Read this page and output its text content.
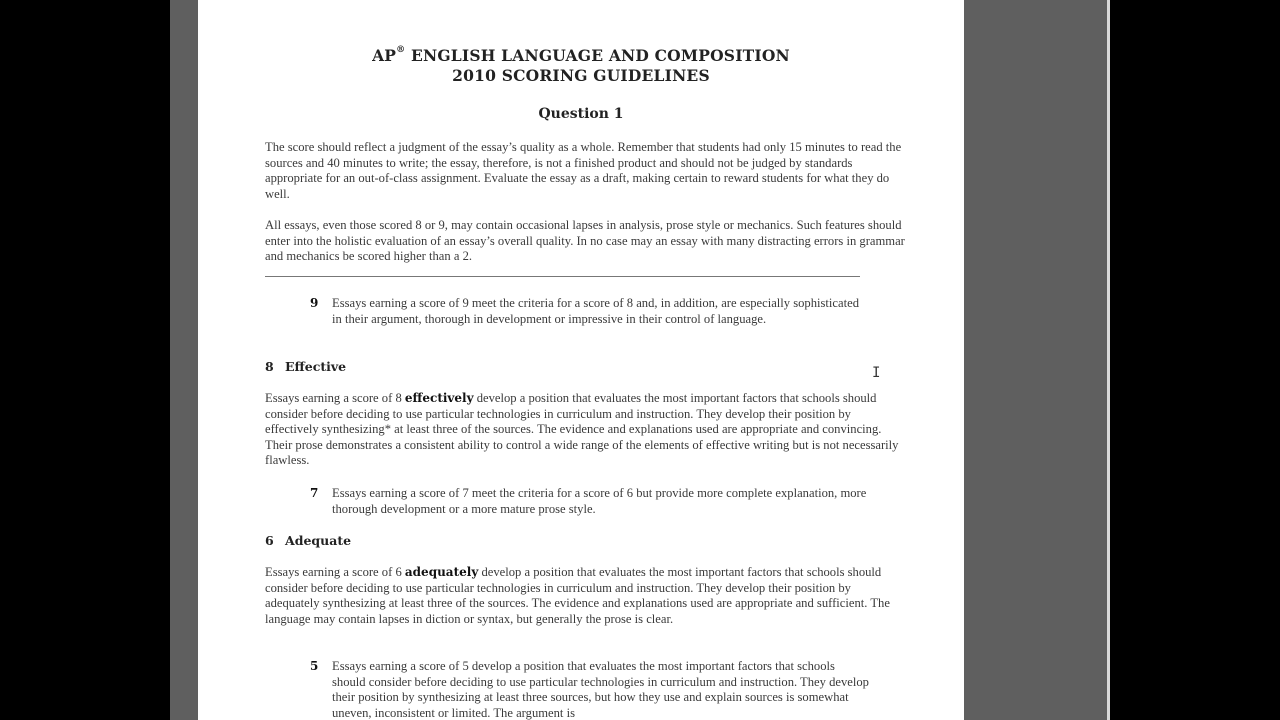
AP® ENGLISH LANGUAGE AND COMPOSITION
2010 SCORING GUIDELINES
Question 1
The score should reflect a judgment of the essay’s quality as a whole. Remember that students had only 15 minutes to read the sources and 40 minutes to write; the essay, therefore, is not a finished product and should not be judged by standards appropriate for an out-of-class assignment. Evaluate the essay as a draft, making certain to reward students for what they do well.
All essays, even those scored 8 or 9, may contain occasional lapses in analysis, prose style or mechanics. Such features should enter into the holistic evaluation of an essay’s overall quality. In no case may an essay with many distracting errors in grammar and mechanics be scored higher than a 2.
9 Essays earning a score of 9 meet the criteria for a score of 8 and, in addition, are especially sophisticated in their argument, thorough in development or impressive in their control of language.
8 Effective
Essays earning a score of 8 effectively develop a position that evaluates the most important factors that schools should consider before deciding to use particular technologies in curriculum and instruction. They develop their position by effectively synthesizing* at least three of the sources. The evidence and explanations used are appropriate and convincing. Their prose demonstrates a consistent ability to control a wide range of the elements of effective writing but is not necessarily flawless.
7 Essays earning a score of 7 meet the criteria for a score of 6 but provide more complete explanation, more thorough development or a more mature prose style.
6 Adequate
Essays earning a score of 6 adequately develop a position that evaluates the most important factors that schools should consider before deciding to use particular technologies in curriculum and instruction. They develop their position by adequately synthesizing at least three of the sources. The evidence and explanations used are appropriate and sufficient. The language may contain lapses in diction or syntax, but generally the prose is clear.
5 Essays earning a score of 5 develop a position that evaluates the most important factors that schools should consider before deciding to use particular technologies in curriculum and instruction. They develop their position by synthesizing at least three sources, but how they use and explain sources is somewhat uneven, inconsistent or limited. The argument is
I
